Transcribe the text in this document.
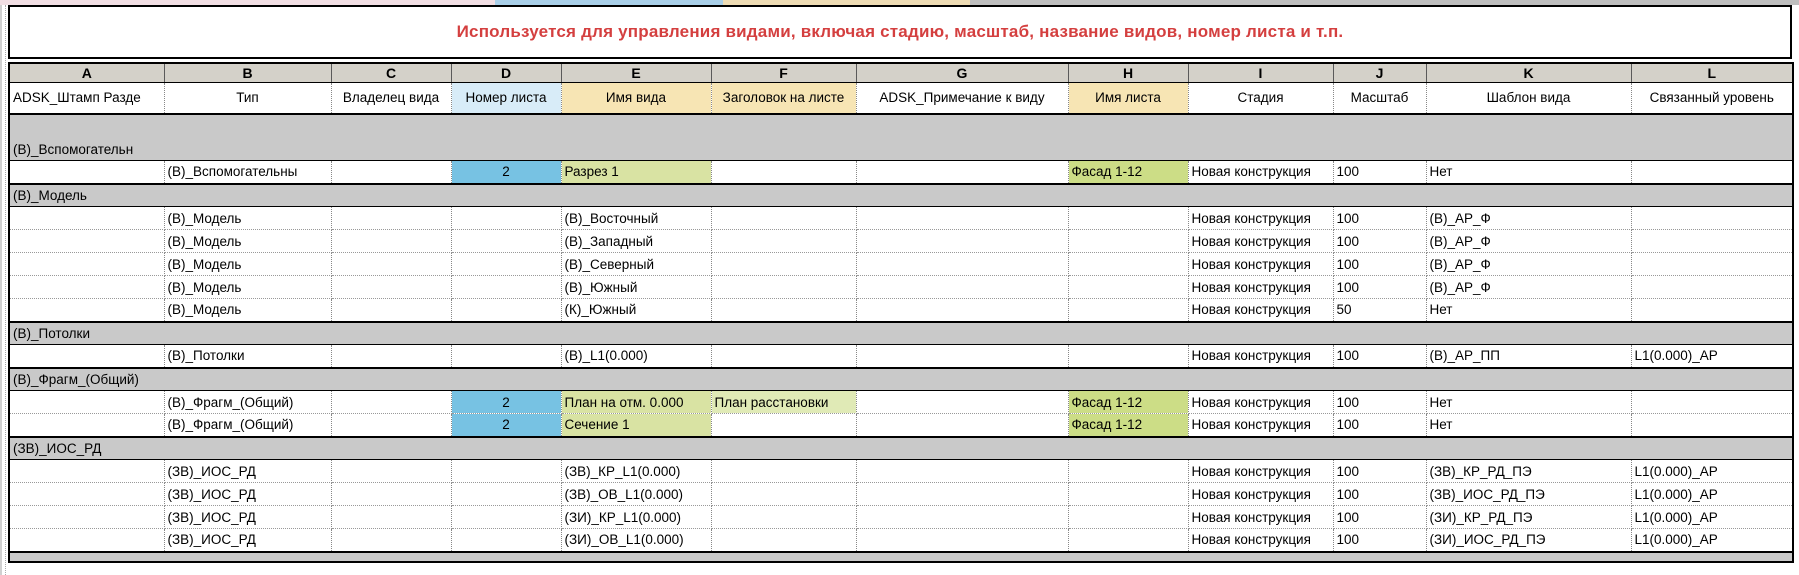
Используется для управления видами, включая стадию, масштаб, название видов, номер листа и т.п.
A	B	C	D	E	F	G	H	I	J	K	L
ADSK_Штамп Разде	Тип	Владелец вида	Номер листа	Имя вида	Заголовок на листе	ADSK_Примечание к виду	Имя листа	Стадия	Масштаб	Шаблон вида	Связанный уровень
(В)_Вспомогательн											
	(В)_Вспомогательны		2	Разрез 1			Фасад 1-12	Новая конструкция	100	Нет	
(В)_Модель											
	(В)_Модель			(В)_Восточный				Новая конструкция	100	(В)_АР_Ф	
	(В)_Модель			(В)_Западный				Новая конструкция	100	(В)_АР_Ф	
	(В)_Модель			(В)_Северный				Новая конструкция	100	(В)_АР_Ф	
	(В)_Модель			(В)_Южный				Новая конструкция	100	(В)_АР_Ф	
	(В)_Модель			(К)_Южный				Новая конструкция	50	Нет	
(В)_Потолки											
	(В)_Потолки			(В)_L1(0.000)				Новая конструкция	100	(В)_АР_ПП	L1(0.000)_АР
(В)_Фрагм_(Общий)											
	(В)_Фрагм_(Общий)		2	План на отм. 0.000	План расстановки		Фасад 1-12	Новая конструкция	100	Нет	
	(В)_Фрагм_(Общий)		2	Сечение 1			Фасад 1-12	Новая конструкция	100	Нет	
(ЗВ)_ИОС_РД											
	(ЗВ)_ИОС_РД			(ЗВ)_КР_L1(0.000)				Новая конструкция	100	(ЗВ)_КР_РД_ПЭ	L1(0.000)_АР
	(ЗВ)_ИОС_РД			(ЗВ)_ОВ_L1(0.000)				Новая конструкция	100	(ЗВ)_ИОС_РД_ПЭ	L1(0.000)_АР
	(ЗВ)_ИОС_РД			(ЗИ)_КР_L1(0.000)				Новая конструкция	100	(ЗИ)_КР_РД_ПЭ	L1(0.000)_АР
	(ЗВ)_ИОС_РД			(ЗИ)_ОВ_L1(0.000)				Новая конструкция	100	(ЗИ)_ИОС_РД_ПЭ	L1(0.000)_АР
